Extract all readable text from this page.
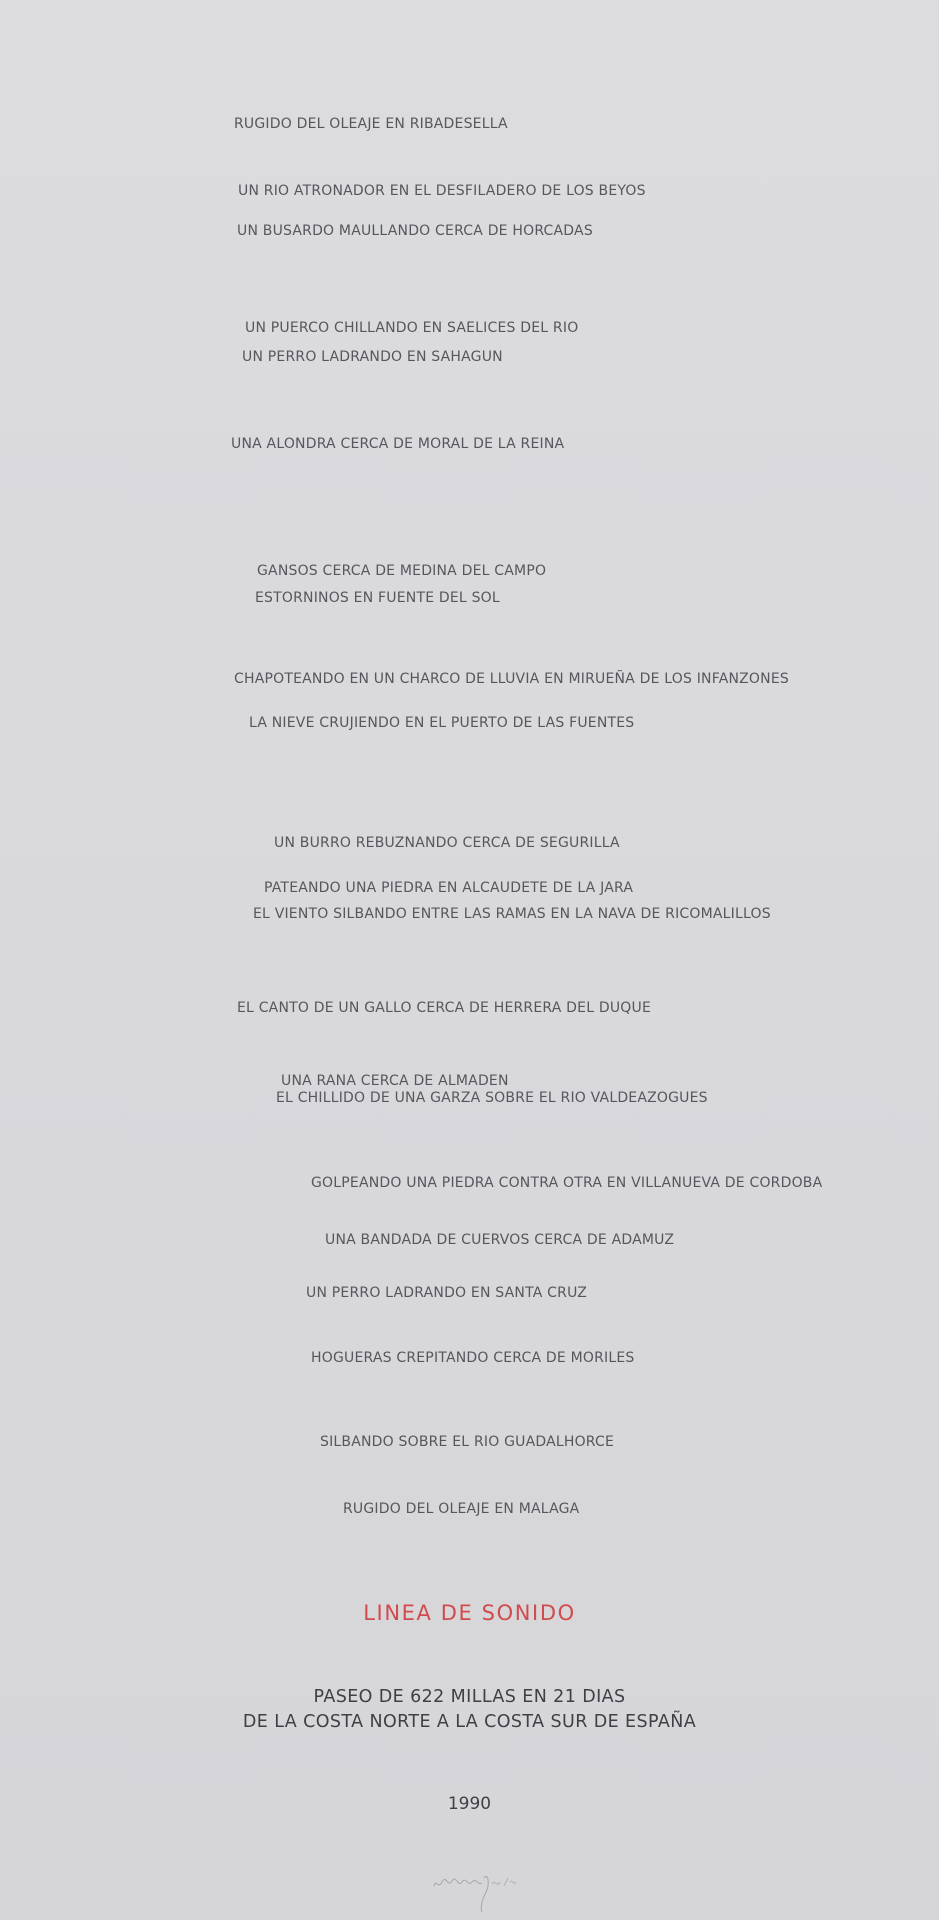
RUGIDO DEL OLEAJE EN RIBADESELLA
UN RIO ATRONADOR EN EL DESFILADERO DE LOS BEYOS
UN BUSARDO MAULLANDO CERCA DE HORCADAS
UN PUERCO CHILLANDO EN SAELICES DEL RIO
UN PERRO LADRANDO EN SAHAGUN
UNA ALONDRA CERCA DE MORAL DE LA REINA
GANSOS CERCA DE MEDINA DEL CAMPO
ESTORNINOS EN FUENTE DEL SOL
CHAPOTEANDO EN UN CHARCO DE LLUVIA EN MIRUEÑA DE LOS INFANZONES
LA NIEVE CRUJIENDO EN EL PUERTO DE LAS FUENTES
UN BURRO REBUZNANDO CERCA DE SEGURILLA
PATEANDO UNA PIEDRA EN ALCAUDETE DE LA JARA
EL VIENTO SILBANDO ENTRE LAS RAMAS EN LA NAVA DE RICOMALILLOS
EL CANTO DE UN GALLO CERCA DE HERRERA DEL DUQUE
UNA RANA CERCA DE ALMADEN
EL CHILLIDO DE UNA GARZA SOBRE EL RIO VALDEAZOGUES
GOLPEANDO UNA PIEDRA CONTRA OTRA EN VILLANUEVA DE CORDOBA
UNA BANDADA DE CUERVOS CERCA DE ADAMUZ
UN PERRO LADRANDO EN SANTA CRUZ
HOGUERAS CREPITANDO CERCA DE MORILES
SILBANDO SOBRE EL RIO GUADALHORCE
RUGIDO DEL OLEAJE EN MALAGA
LINEA DE SONIDO
PASEO DE 622 MILLAS EN 21 DIAS
DE LA COSTA NORTE A LA COSTA SUR DE ESPAÑA
1990
